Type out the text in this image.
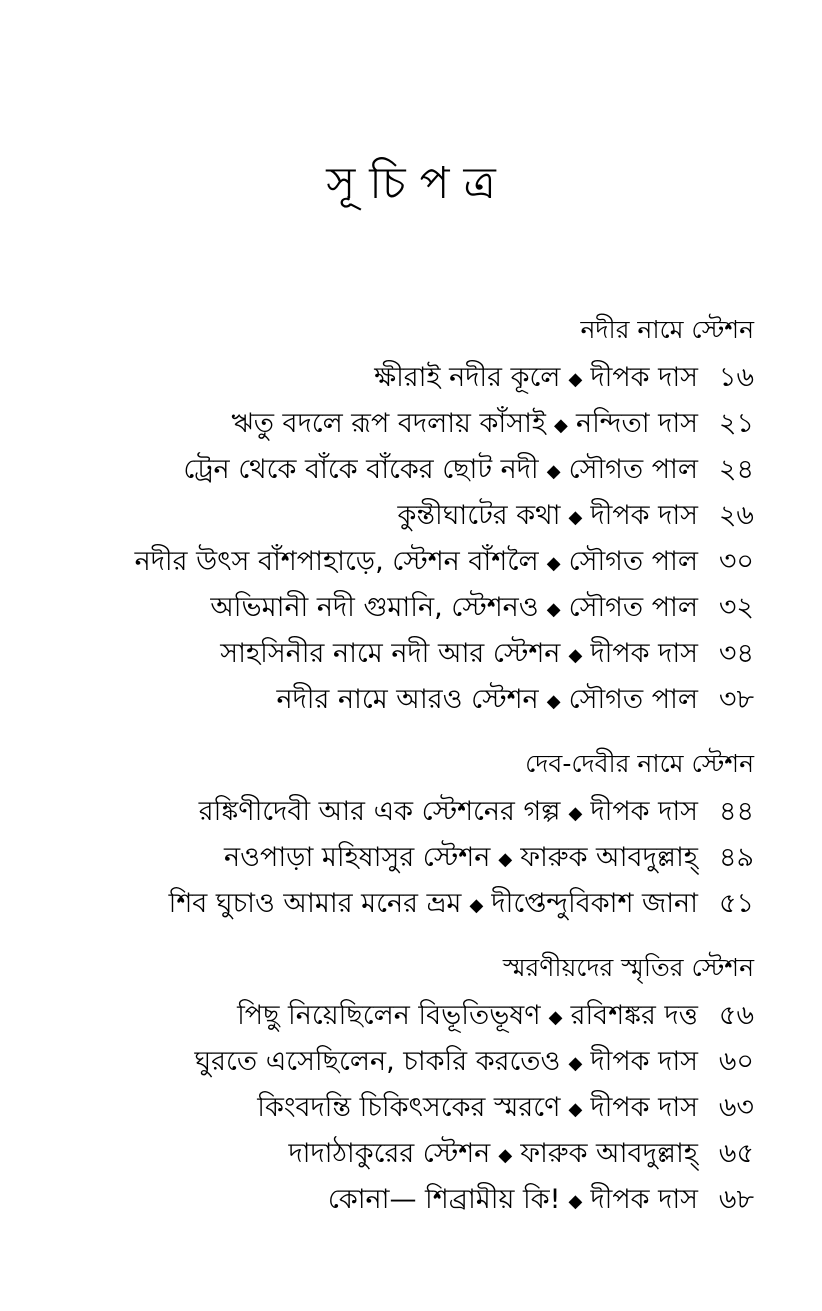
সূচিপত্র
নদীর নামে স্টেশন
ক্ষীরাই নদীর কূলে ◆ দীপক দাস ১৬
ঋতু বদলে রূপ বদলায় কাঁসাই ◆ নন্দিতা দাস ২১
ট্রেন থেকে বাঁকে বাঁকের ছোট নদী ◆ সৌগত পাল ২৪
কুন্তীঘাটের কথা ◆ দীপক দাস ২৬
নদীর উৎস বাঁশপাহাড়ে, স্টেশন বাঁশলৈ ◆ সৌগত পাল ৩০
অভিমানী নদী গুমানি, স্টেশনও ◆ সৌগত পাল ৩২
সাহসিনীর নামে নদী আর স্টেশন ◆ দীপক দাস ৩৪
নদীর নামে আরও স্টেশন ◆ সৌগত পাল ৩৮
দেব-দেবীর নামে স্টেশন
রঙ্কিণীদেবী আর এক স্টেশনের গল্প ◆ দীপক দাস ৪৪
নওপাড়া মহিষাসুর স্টেশন ◆ ফারুক আবদুল্লাহ্ ৪৯
শিব ঘুচাও আমার মনের ভ্রম ◆ দীপ্তেন্দুবিকাশ জানা ৫১
স্মরণীয়দের স্মৃতির স্টেশন
পিছু নিয়েছিলেন বিভূতিভূষণ ◆ রবিশঙ্কর দত্ত ৫৬
ঘুরতে এসেছিলেন, চাকরি করতেও ◆ দীপক দাস ৬০
কিংবদন্তি চিকিৎসকের স্মরণে ◆ দীপক দাস ৬৩
দাদাঠাকুরের স্টেশন ◆ ফারুক আবদুল্লাহ্ ৬৫
কোনা— শিব্রামীয় কি! ◆ দীপক দাস ৬৮
